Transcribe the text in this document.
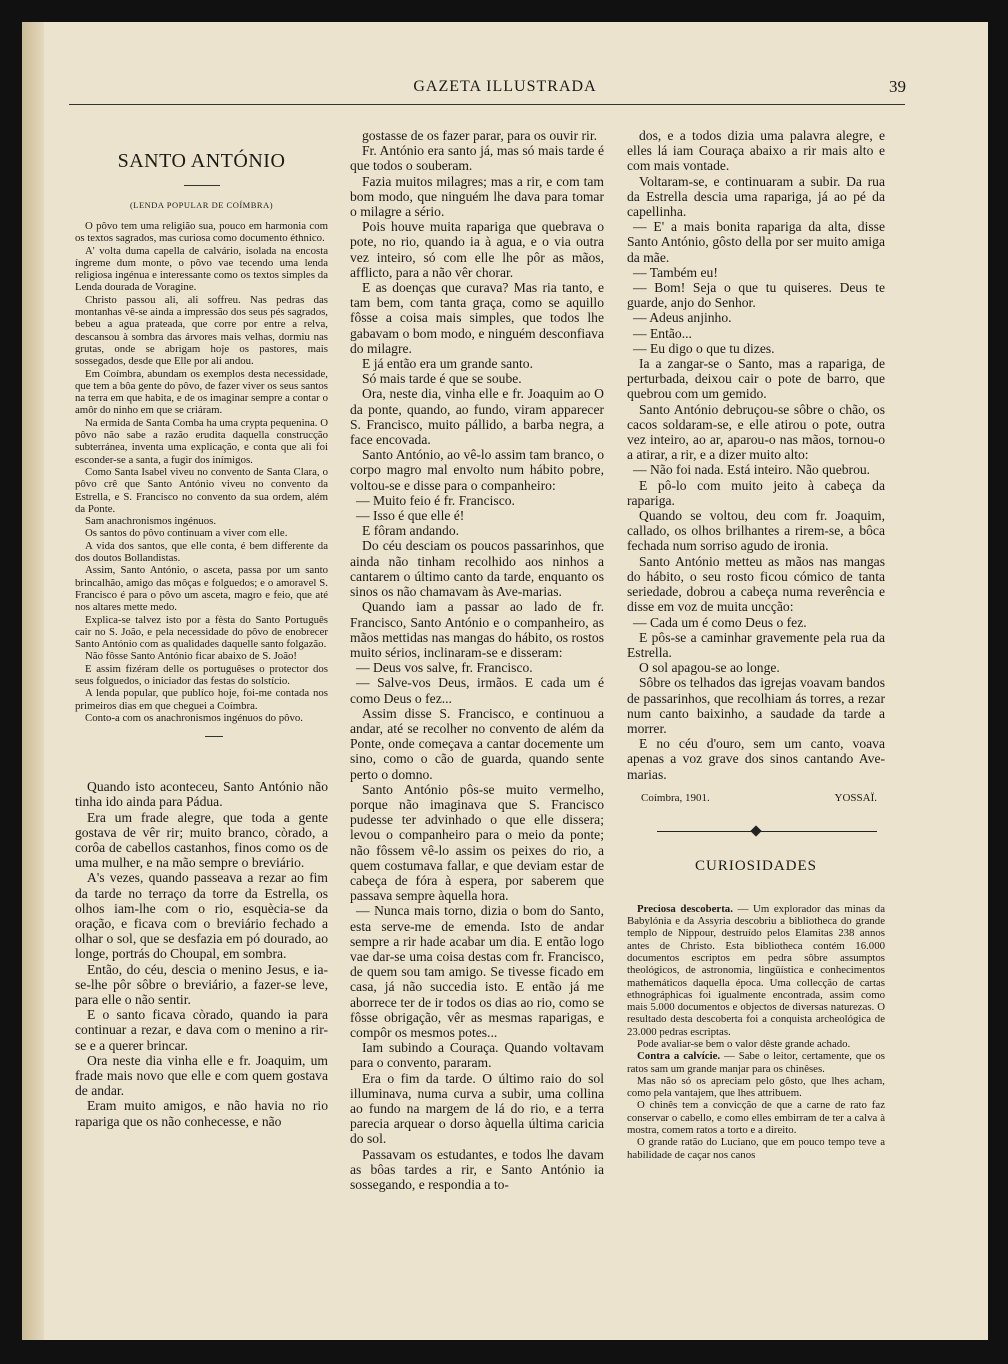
GAZETA ILLUSTRADA	39
SANTO ANTÓNIO
(LENDA POPULAR DE COÍMBRA)

O pôvo tem uma religião sua, pouco em harmonia com os textos sagrados, mas curiosa como documento éthnico.

A' volta duma capella de calvário, isolada na encosta íngreme dum monte, o pôvo vae tecendo uma lenda religiosa ingénua e interessante como os textos simples da Lenda dourada de Voragine.

Christo passou ali, ali soffreu. Nas pedras das montanhas vê-se ainda a impressão dos seus pés sagrados, bebeu a agua prateada, que corre por entre a relva, descansou à sombra das árvores mais velhas, dormiu nas grutas, onde se abrigam hoje os pastores, mais sossegados, desde que Elle por ali andou.

Em Coímbra, abundam os exemplos desta necessidade, que tem a bôa gente do pôvo, de fazer viver os seus santos na terra em que habita, e de os imaginar sempre a contar o amôr do ninho em que se criáram.

Na ermida de Santa Comba ha uma crypta pequenina. O pôvo não sabe a razão erudita daquella construcção subterránea, inventa uma explicação, e conta que ali foi esconder-se a santa, a fugir dos inímigos.

Como Santa Isabel viveu no convento de Santa Clara, o pôvo crê que Santo António viveu no convento da Estrella, e S. Francisco no convento da sua ordem, além da Ponte.

Sam anachronismos ingénuos.

Os santos do pôvo continuam a viver com elle.

A vida dos santos, que elle conta, é bem differente da dos doutos Bollandistas.

Assim, Santo António, o asceta, passa por um santo brincalhão, amigo das môças e folguedos; e o amoravel S. Francisco é para o pôvo um asceta, magro e feio, que até nos altares mette medo.

Explica-se talvez isto por a fèsta do Santo Português cair no S. João, e pela necessidade do pôvo de enobrecer Santo António com as qualidades daquelle santo folgazão.

Não fôsse Santo António ficar abaixo de S. João!

E assim fizéram delle os portuguêses o protector dos seus folguedos, o iniciador das festas do solstício.

A lenda popular, que publíco hoje, foi-me contada nos primeiros dias em que cheguei a Coímbra.

Conto-a com os anachronismos ingénuos do pôvo.

Quando isto aconteceu, Santo António não tinha ido ainda para Pádua.

Era um frade alegre, que toda a gente gostava de vêr rir; muito branco, còrado, a corôa de cabellos castanhos, finos como os de uma mulher, e na mão sempre o breviário.

A's vezes, quando passeava a rezar ao fim da tarde no terraço da torre da Estrella, os olhos iam-lhe com o rio, esquècia-se da oração, e ficava com o breviário fechado a olhar o sol, que se desfazia em pó dourado, ao longe, portrás do Choupal, em sombra.

Então, do céu, descia o menino Jesus, e ia-se-lhe pôr sôbre o breviário, a fazer-se leve, para elle o não sentir.

E o santo ficava còrado, quando ia para continuar a rezar, e dava com o menino a rir-se e a querer brincar.

Ora neste dia vinha elle e fr. Joaquim, um frade mais novo que elle e com quem gostava de andar.

Eram muito amigos, e não havia no rio rapariga que os não conhecesse, e não

gostasse de os fazer parar, para os ouvir rir.

Fr. António era santo já, mas só mais tarde é que todos o souberam.

Fazia muitos milagres; mas a rir, e com tam bom modo, que ninguém lhe dava para tomar o milagre a sério.

Pois houve muita rapariga que quebrava o pote, no rio, quando ia à agua, e o via outra vez inteiro, só com elle lhe pôr as mãos, afflicto, para a não vêr chorar.

E as doenças que curava? Mas ria tanto, e tam bem, com tanta graça, como se aquillo fôsse a coisa mais simples, que todos lhe gabavam o bom modo, e ninguém desconfiava do milagre.

E já então era um grande santo.

Só mais tarde é que se soube.

Ora, neste dia, vinha elle e fr. Joaquim ao O da ponte, quando, ao fundo, viram apparecer S. Francisco, muito pállido, a barba negra, a face encovada.

Santo António, ao vê-lo assim tam branco, o corpo magro mal envolto num hábito pobre, voltou-se e disse para o companheiro:

— Muito feio é fr. Francisco.

— Isso é que elle é!

E fôram andando.

Do céu desciam os poucos passarinhos, que ainda não tinham recolhido aos ninhos a cantarem o último canto da tarde, enquanto os sinos os não chamavam às Ave-marias.

Quando iam a passar ao lado de fr. Francisco, Santo António e o companheiro, as mãos mettidas nas mangas do hábito, os rostos muito sérios, inclinaram-se e disseram:

— Deus vos salve, fr. Francisco.

— Salve-vos Deus, irmãos. E cada um é como Deus o fez...

Assim disse S. Francisco, e continuou a andar, até se recolher no convento de além da Ponte, onde começava a cantar docemente um sino, como o cão de guarda, quando sente perto o domno.

Santo António pôs-se muito vermelho, porque não imaginava que S. Francisco pudesse ter advinhado o que elle dissera; levou o companheiro para o meio da ponte; não fôssem vê-lo assim os peixes do rio, a quem costumava fallar, e que deviam estar de cabeça de fóra à espera, por saberem que passava sempre àquella hora.

— Nunca mais torno, dizia o bom do Santo, esta serve-me de emenda. Isto de andar sempre a rir hade acabar um dia. E então logo vae dar-se uma coisa destas com fr. Francisco, de quem sou tam amigo. Se tivesse ficado em casa, já não succedia isto. E então já me aborrece ter de ir todos os dias ao rio, como se fôsse obrigação, vêr as mesmas raparigas, e compôr os mesmos potes...

Iam subindo a Couraça. Quando voltavam para o convento, pararam.

Era o fim da tarde. O último raio do sol illuminava, numa curva a subir, uma collina ao fundo na margem de lá do rio, e a terra parecia arquear o dorso àquella última caricia do sol.

Passavam os estudantes, e todos lhe davam as bôas tardes a rir, e Santo António ia sossegando, e respondia a to-

dos, e a todos dizia uma palavra alegre, e elles lá iam Couraça abaixo a rir mais alto e com mais vontade.

Voltaram-se, e continuaram a subir. Da rua da Estrella descia uma rapariga, já ao pé da capellinha.

— E' a mais bonita rapariga da alta, disse Santo António, gôsto della por ser muito amiga da mãe.

— Também eu!

— Bom! Seja o que tu quiseres. Deus te guarde, anjo do Senhor.

— Adeus anjinho.

— Então...

— Eu digo o que tu dizes.

Ia a zangar-se o Santo, mas a rapariga, de perturbada, deixou cair o pote de barro, que quebrou com um gemido.

Santo António debruçou-se sôbre o chão, os cacos soldaram-se, e elle atirou o pote, outra vez inteiro, ao ar, aparou-o nas mãos, tornou-o a atirar, a rir, e a dizer muito alto:

— Não foi nada. Está inteiro. Não quebrou.

E pô-lo com muito jeito à cabeça da rapariga.

Quando se voltou, deu com fr. Joaquim, callado, os olhos brilhantes a rirem-se, a bôca fechada num sorriso agudo de ironia.

Santo António metteu as mãos nas mangas do hábito, o seu rosto ficou cómico de tanta seriedade, dobrou a cabeça numa reverência e disse em voz de muita uncção:

— Cada um é como Deus o fez.

E pôs-se a caminhar gravemente pela rua da Estrella.

O sol apagou-se ao longe.

Sôbre os telhados das igrejas voavam bandos de passarinhos, que recolhiam ás torres, a rezar num canto baixinho, a saudade da tarde a morrer.

E no céu d'ouro, sem um canto, voava apenas a voz grave dos sinos cantando Ave-marias.

Coímbra, 1901.	YOSSAÏ.
CURIOSIDADES

Preciosa descoberta. — Um explorador das minas da Babylónia e da Assyria descobriu a bibliotheca do grande templo de Nippour, destruído pelos Elamitas 238 annos antes de Christo. Esta bibliotheca contém 16.000 documentos escriptos em pedra sôbre assumptos theológicos, de astronomia, lingüística e conhecimentos mathemáticos daquella época. Uma collecção de cartas ethnográphicas foi igualmente encontrada, assim como mais 5.000 documentos e objectos de diversas naturezas. O resultado desta descoberta foi a conquista archeológica de 23.000 pedras escriptas.

Pode avaliar-se bem o valor dêste grande achado.

Contra a calvície. — Sabe o leitor, certamente, que os ratos sam um grande manjar para os chinêses.

Mas não só os apreciam pelo gôsto, que lhes acham, como pela vantajem, que lhes attribuem.

O chinês tem a convicção de que a carne de rato faz conservar o cabello, e como elles embirram de ter a calva à mostra, comem ratos a torto e a direito.

O grande ratão do Luciano, que em pouco tempo teve a habilidade de caçar nos canos
